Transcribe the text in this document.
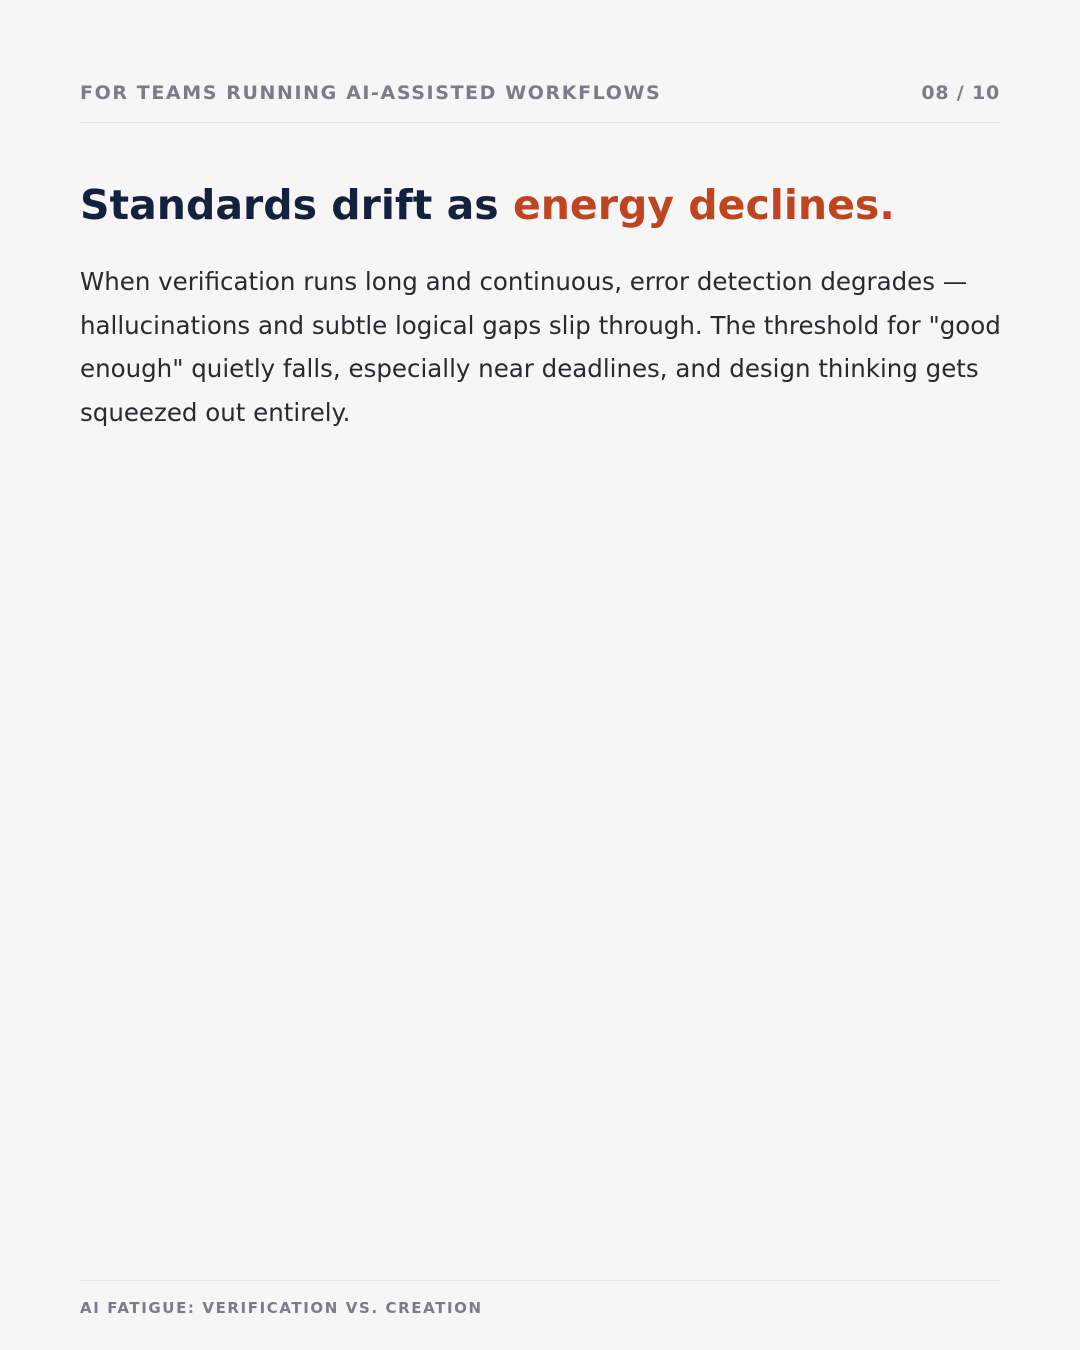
FOR TEAMS RUNNING AI-ASSISTED WORKFLOWS	08 / 10
Standards drift as energy declines.

When verification runs long and continuous, error detection degrades — hallucinations and subtle logical gaps slip through. The threshold for "good enough" quietly falls, especially near deadlines, and design thinking gets squeezed out entirely.

AI FATIGUE: VERIFICATION VS. CREATION
